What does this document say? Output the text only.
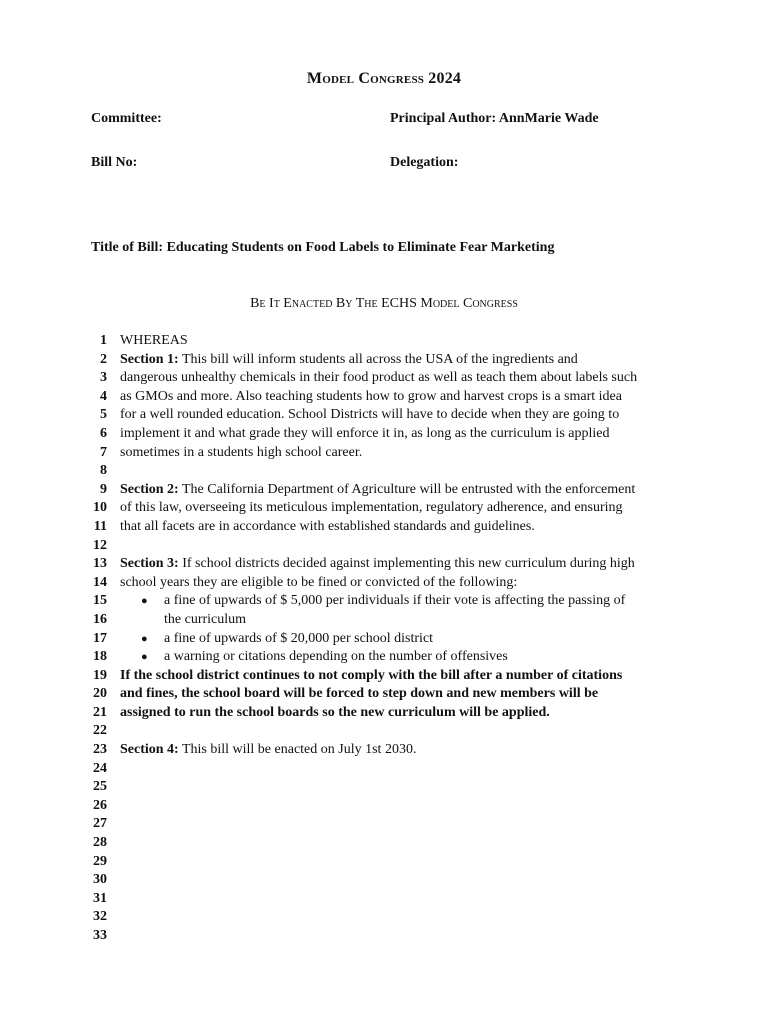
Model Congress 2024
Committee:	Principal Author: AnnMarie Wade
Bill No:	Delegation:
Title of Bill: Educating Students on Food Labels to Eliminate Fear Marketing
Be It Enacted By The ECHS Model Congress
1 WHEREAS
2 Section 1: This bill will inform students all across the USA of the ingredients and
3 dangerous unhealthy chemicals in their food product as well as teach them about labels such
4 as GMOs and more. Also teaching students how to grow and harvest crops is a smart idea
5 for a well rounded education. School Districts will have to decide when they are going to
6 implement it and what grade they will enforce it in, as long as the curriculum is applied
7 sometimes in a students high school career.
8
9 Section 2: The California Department of Agriculture will be entrusted with the enforcement
10 of this law, overseeing its meticulous implementation, regulatory adherence, and ensuring
11 that all facets are in accordance with established standards and guidelines.
12
13 Section 3: If school districts decided against implementing this new curriculum during high
14 school years they are eligible to be fined or convicted of the following:
15	● a fine of upwards of $ 5,000 per individuals if their vote is affecting the passing of
16	the curriculum
17	● a fine of upwards of $ 20,000 per school district
18	● a warning or citations depending on the number of offensives
19 If the school district continues to not comply with the bill after a number of citations
20 and fines, the school board will be forced to step down and new members will be
21 assigned to run the school boards so the new curriculum will be applied.
22
23 Section 4: This bill will be enacted on July 1st 2030.
24
25
26
27
28
29
30
31
32
33
